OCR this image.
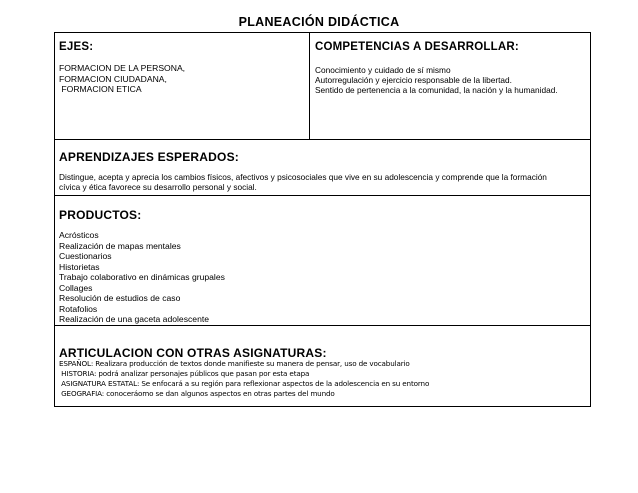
PLANEACIÓN DIDÁCTICA
EJES:
FORMACION DE LA PERSONA,
FORMACION CIUDADANA,
FORMACION ETICA
COMPETENCIAS A DESARROLLAR:
Conocimiento y cuidado de sí mismo
Autorregulación y ejercicio responsable de la libertad.
Sentido de pertenencia a la comunidad, la nación y la humanidad.
APRENDIZAJES ESPERADOS:
Distingue, acepta y aprecia los cambios físicos, afectivos y psicosociales que vive en su adolescencia y comprende que la formación
cívica y ética favorece su desarrollo personal y social.
PRODUCTOS:
Acrósticos
Realización de mapas mentales
Cuestionarios
Historietas
Trabajo colaborativo en dinámicas grupales
Collages
Resolución de estudios de caso
Rotafolios
Realización de una gaceta adolescente
ARTICULACION CON OTRAS ASIGNATURAS:
ESPAÑOL: Realizara producción de textos donde manifieste su manera de pensar, uso de vocabulario
HISTORIA: podrá analizar personajes públicos que pasan por esta etapa
ASIGNATURA ESTATAL: Se enfocará a su región para reflexionar aspectos de la adolescencia en su entorno
GEOGRAFIA: conoceráomo se dan algunos aspectos en otras partes del mundo
